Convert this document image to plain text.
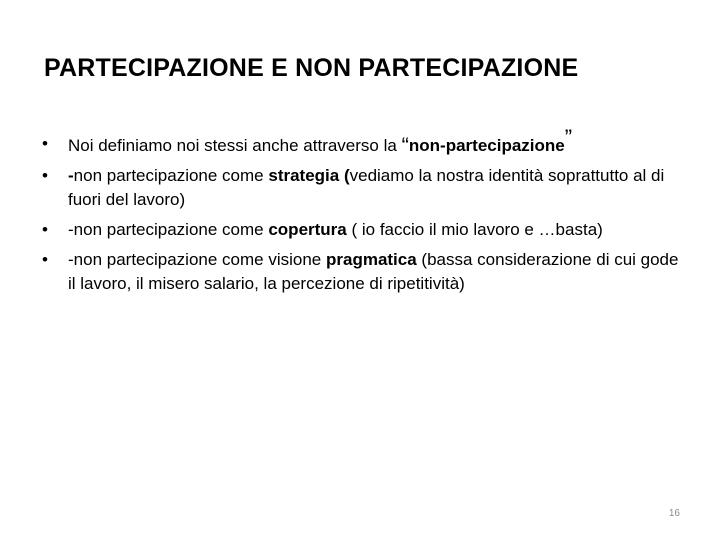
PARTECIPAZIONE E NON PARTECIPAZIONE
• Noi definiamo noi stessi anche attraverso la “non-partecipazione”
• -non partecipazione come strategia (vediamo la nostra identità soprattutto al di fuori del lavoro)
• -non partecipazione come copertura ( io faccio il mio lavoro e …basta)
• -non partecipazione come visione pragmatica (bassa considerazione di cui gode il lavoro, il misero salario, la percezione di ripetitività)
16
